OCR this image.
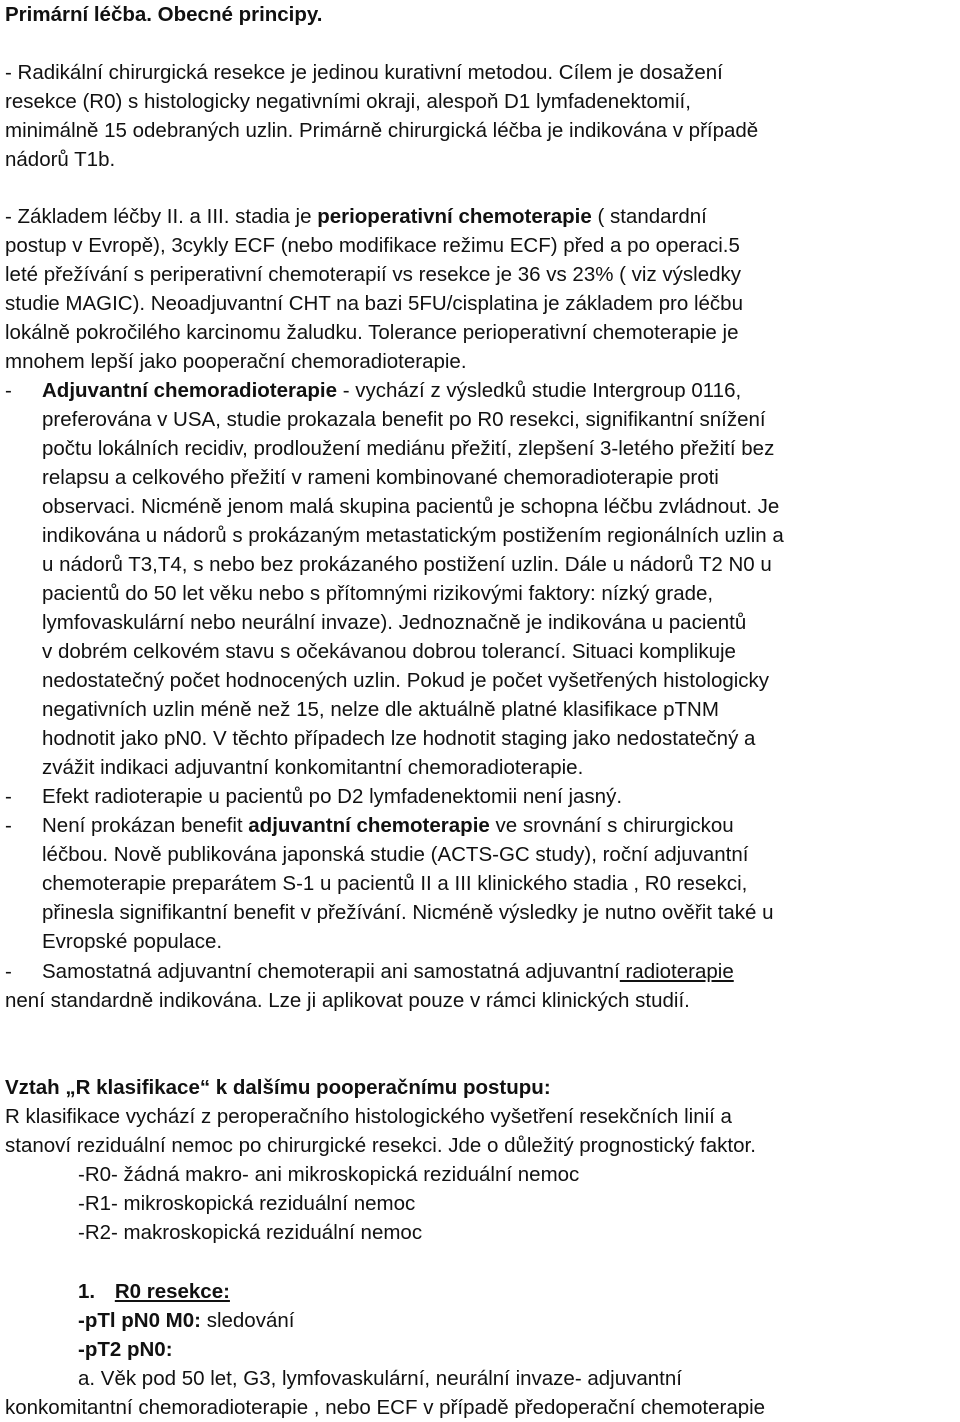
Primární léčba. Obecné principy.
- Radikální chirurgická resekce je jedinou kurativní metodou. Cílem je dosažení
resekce (R0) s histologicky negativními okraji, alespoň D1 lymfadenektomií,
minimálně 15 odebraných uzlin. Primárně chirurgická léčba je indikována v případě
nádorů T1b.
- Základem léčby II. a III. stadia je perioperativní chemoterapie ( standardní
postup v Evropě), 3cykly ECF (nebo modifikace režimu ECF) před a po operaci.5
leté přežívání s periperativní chemoterapií vs resekce je 36 vs 23% ( viz výsledky
studie MAGIC). Neoadjuvantní CHT na bazi 5FU/cisplatina je základem pro léčbu
lokálně pokročilého karcinomu žaludku. Tolerance perioperativní chemoterapie je
mnohem lepší jako pooperační chemoradioterapie.
- Adjuvantní chemoradioterapie - vychází z výsledků studie Intergroup 0116,
preferována v USA, studie prokazala benefit po R0 resekci, signifikantní snížení
počtu lokálních recidiv, prodloužení mediánu přežití, zlepšení 3-letého přežití bez
relapsu a celkového přežití v rameni kombinované chemoradioterapie proti
observaci. Nicméně jenom malá skupina pacientů je schopna léčbu zvládnout. Je
indikována u nádorů s prokázaným metastatickým postižením regionálních uzlin a
u nádorů T3,T4, s nebo bez prokázaného postižení uzlin. Dále u nádorů T2 N0 u
pacientů do 50 let věku nebo s přítomnými rizikovými faktory: nízký grade,
lymfovaskulární nebo neurální invaze). Jednoznačně je indikována u pacientů
v dobrém celkovém stavu s očekávanou dobrou tolerancí. Situaci komplikuje
nedostatečný počet hodnocených uzlin. Pokud je počet vyšetřených histologicky
negativních uzlin méně než 15, nelze dle aktuálně platné klasifikace pTNM
hodnotit jako pN0. V těchto případech lze hodnotit staging jako nedostatečný a
zvážit indikaci adjuvantní konkomitantní chemoradioterapie.
- Efekt radioterapie u pacientů po D2 lymfadenektomii není jasný.
- Není prokázan benefit adjuvantní chemoterapie ve srovnání s chirurgickou
léčbou. Nově publikována japonská studie (ACTS-GC study), roční adjuvantní
chemoterapie preparátem S-1 u pacientů II a III klinického stadia , R0 resekci,
přinesla signifikantní benefit v přežívání. Nicméně výsledky je nutno ověřit také u
Evropské populace.
- Samostatná adjuvantní chemoterapii ani samostatná adjuvantní radioterapie
není standardně indikována. Lze ji aplikovat pouze v rámci klinických studií.
Vztah „R klasifikace“ k dalšímu pooperačnímu postupu:
R klasifikace vychází z peroperačního histologického vyšetření resekčních linií a
stanoví reziduální nemoc po chirurgické resekci. Jde o důležitý prognostický faktor.
-R0- žádná makro- ani mikroskopická reziduální nemoc
-R1- mikroskopická reziduální nemoc
-R2- makroskopická reziduální nemoc
1. R0 resekce:
-pTl pN0 M0: sledování
-pT2 pN0:
a. Věk pod 50 let, G3, lymfovaskulární, neurální invaze- adjuvantní
konkomitantní chemoradioterapie , nebo ECF v případě předoperační chemoterapie
